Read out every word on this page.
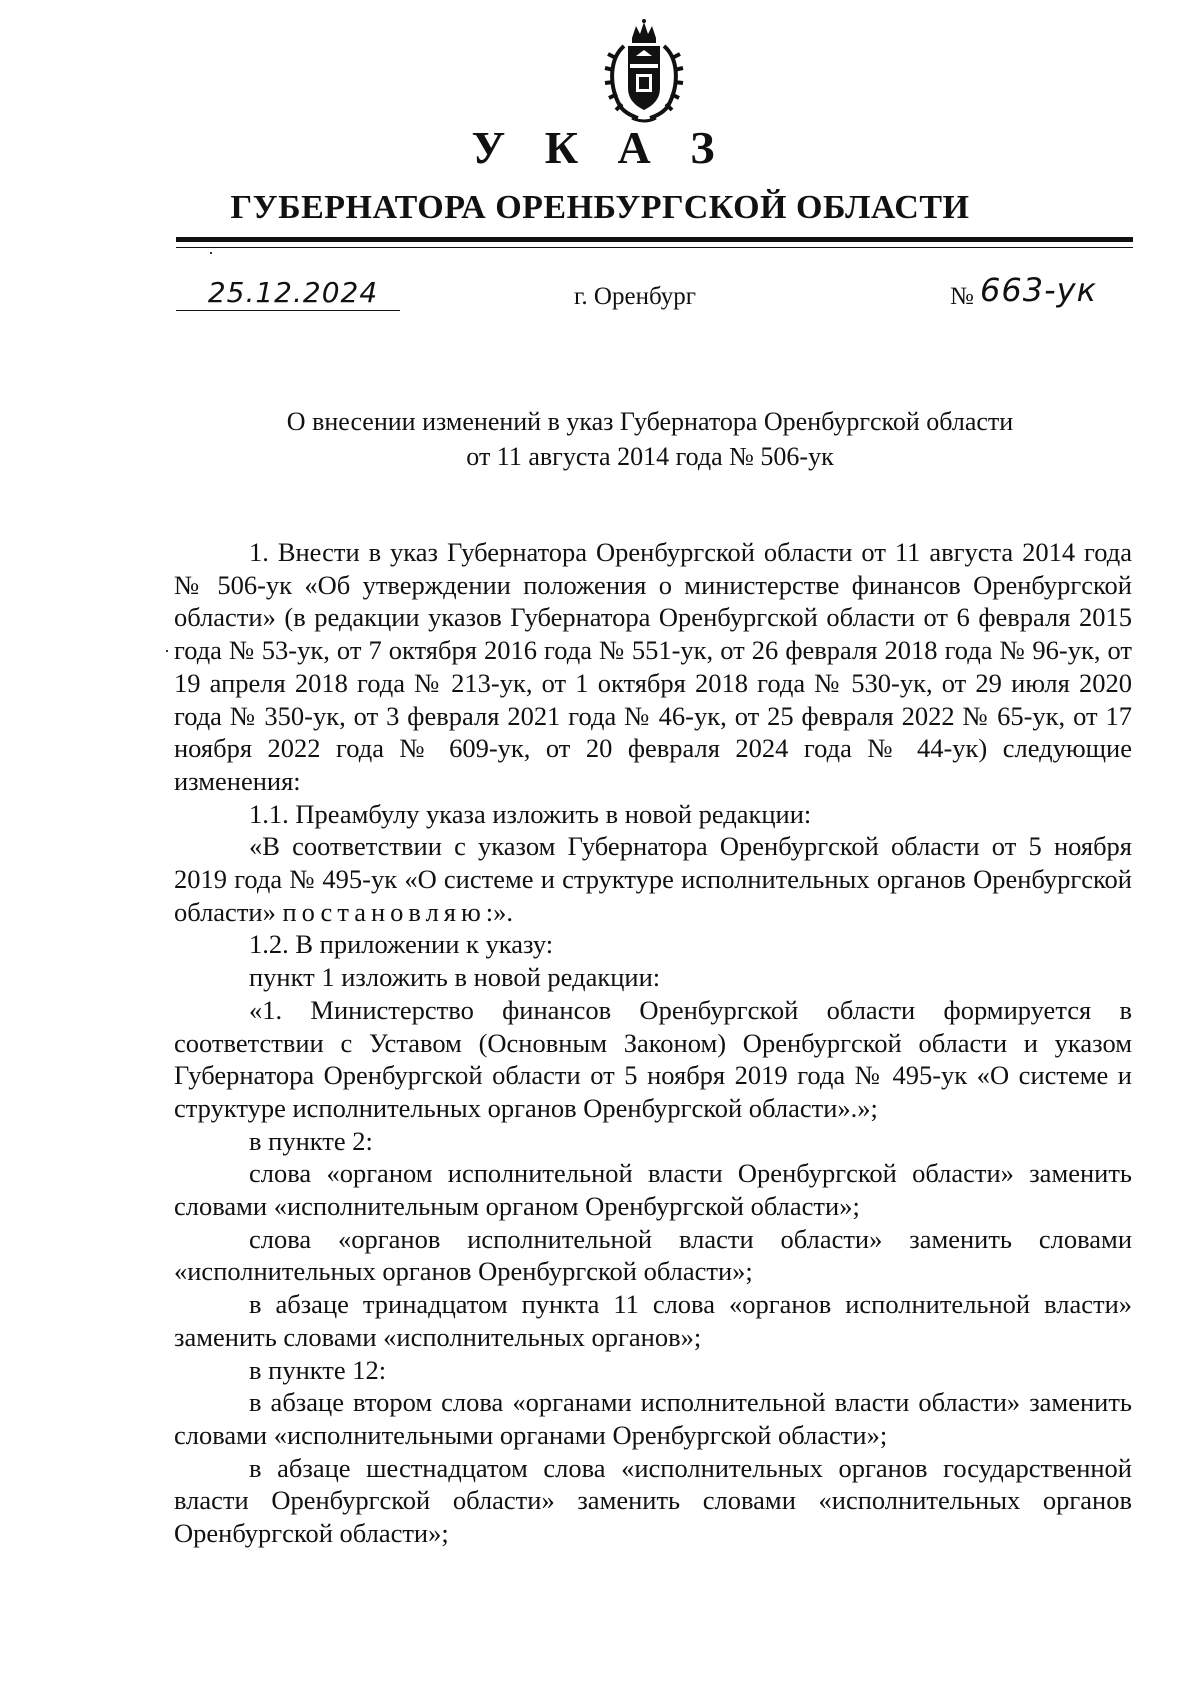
У К А З
ГУБЕРНАТОРА ОРЕНБУРГСКОЙ ОБЛАСТИ
25.12.2024	г. Оренбург	№ 663-ук
О внесении изменений в указ Губернатора Оренбургской области
от 11 августа 2014 года № 506-ук

1. Внести в указ Губернатора Оренбургской области от 11 августа 2014 года № 506-ук «Об утверждении положения о министерстве финансов Оренбургской области» (в редакции указов Губернатора Оренбургской области от 6 февраля 2015 года № 53-ук, от 7 октября 2016 года № 551-ук, от 26 февраля 2018 года № 96-ук, от 19 апреля 2018 года № 213-ук, от 1 октября 2018 года № 530-ук, от 29 июля 2020 года № 350-ук, от 3 февраля 2021 года № 46-ук, от 25 февраля 2022 № 65-ук, от 17 ноября 2022 года № 609-ук, от 20 февраля 2024 года № 44-ук) следующие изменения:

1.1. Преамбулу указа изложить в новой редакции:

«В соответствии с указом Губернатора Оренбургской области от 5 ноября 2019 года № 495-ук «О системе и структуре исполнительных органов Оренбургской области» постановляю:».

1.2. В приложении к указу:

пункт 1 изложить в новой редакции:

«1. Министерство финансов Оренбургской области формируется в соответствии с Уставом (Основным Законом) Оренбургской области и указом Губернатора Оренбургской области от 5 ноября 2019 года № 495-ук «О системе и структуре исполнительных органов Оренбургской области».»;

в пункте 2:

слова «органом исполнительной власти Оренбургской области» заменить словами «исполнительным органом Оренбургской области»;

слова «органов исполнительной власти области» заменить словами «исполнительных органов Оренбургской области»;

в абзаце тринадцатом пункта 11 слова «органов исполнительной власти» заменить словами «исполнительных органов»;

в пункте 12:

в абзаце втором слова «органами исполнительной власти области» заменить словами «исполнительными органами Оренбургской области»;

в абзаце шестнадцатом слова «исполнительных органов государственной власти Оренбургской области» заменить словами «исполнительных органов Оренбургской области»;
